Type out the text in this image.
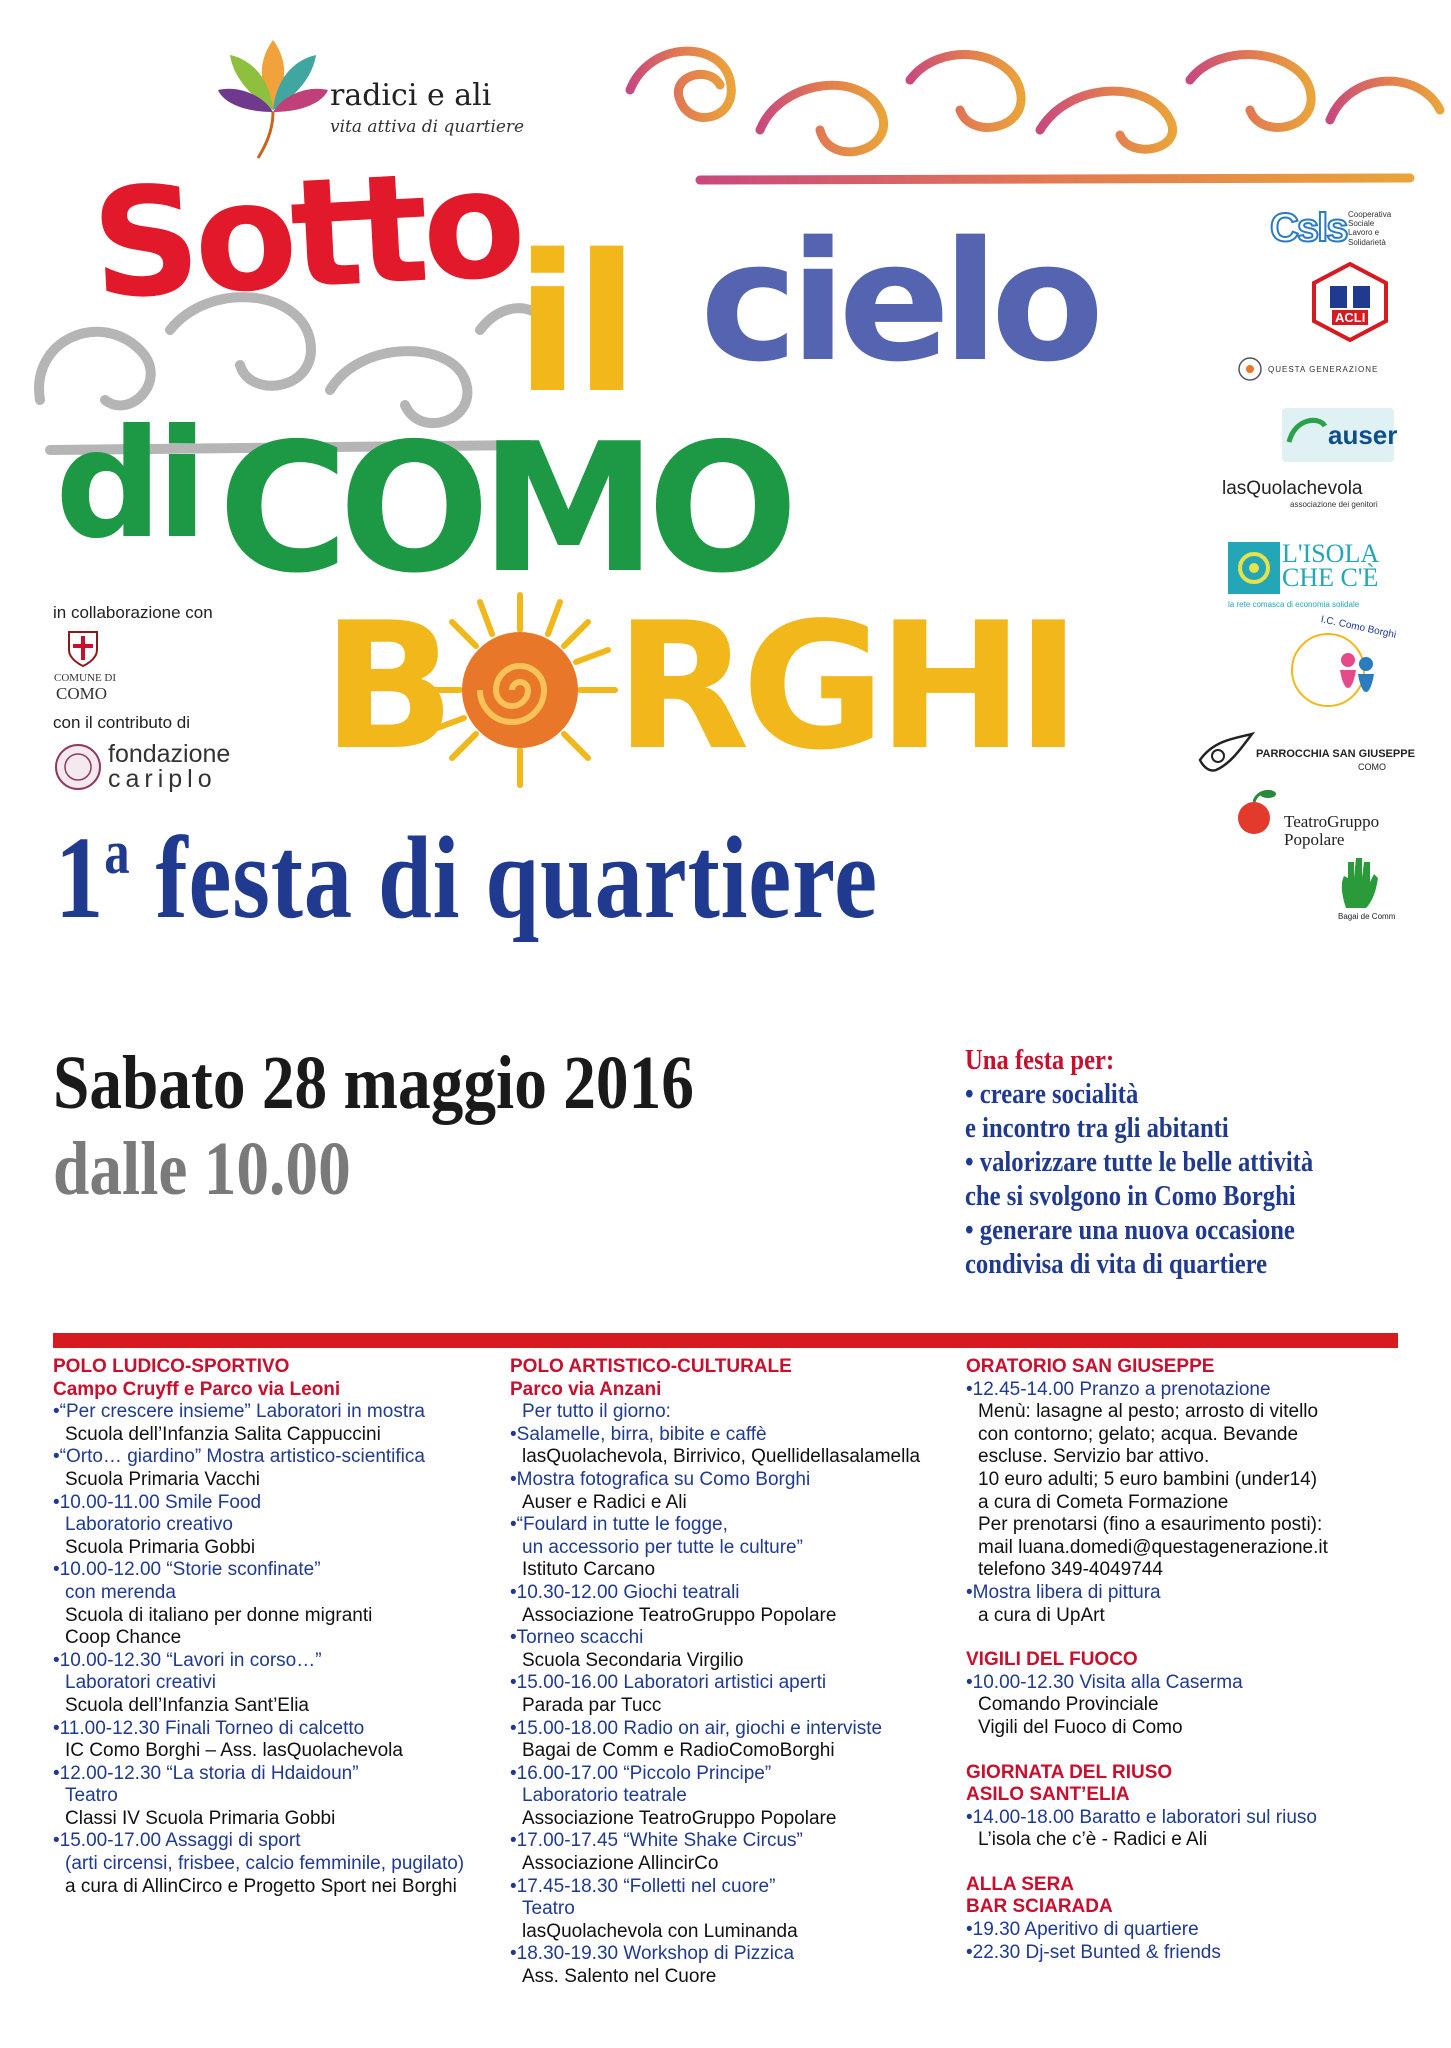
radici e ali
vita attiva di quartiere
Sotto
il cielo
di COMO
B RGHI
1$^a$ festa di quartiere
in collaborazione con
COMUNE DI
COMO
con il contributo di
fondazione
cariplo
Csls Cooperativa Sociale Lavoro e Solidarietà
ACLI
QUESTA GENERAZIONE
auser
lasQuolachevola
associazione dei genitori
L'ISOLA CHE C'È
la rete comasca di economia solidale
I.C. Como Borghi
PARROCCHIA SAN GIUSEPPE
COMO
TeatroGruppo
Popolare
Bagai de Comm
Sabato 28 maggio 2016
dalle 10.00
Una festa per:
• creare socialità
e incontro tra gli abitanti
• valorizzare tutte le belle attività
che si svolgono in Como Borghi
• generare una nuova occasione
condivisa di vita di quartiere
POLO LUDICO-SPORTIVO
Campo Cruyff e Parco via Leoni
•“Per crescere insieme” Laboratori in mostra
Scuola dell’Infanzia Salita Cappuccini
•“Orto… giardino” Mostra artistico-scientifica
Scuola Primaria Vacchi
•10.00-11.00 Smile Food
Laboratorio creativo
Scuola Primaria Gobbi
•10.00-12.00 “Storie sconfinate”
con merenda
Scuola di italiano per donne migranti
Coop Chance
•10.00-12.30 “Lavori in corso…”
Laboratori creativi
Scuola dell’Infanzia Sant’Elia
•11.00-12.30 Finali Torneo di calcetto
IC Como Borghi – Ass. lasQuolachevola
•12.00-12.30 “La storia di Hdaidoun”
Teatro
Classi IV Scuola Primaria Gobbi
•15.00-17.00 Assaggi di sport
(arti circensi, frisbee, calcio femminile, pugilato)
a cura di AllinCirco e Progetto Sport nei Borghi
POLO ARTISTICO-CULTURALE
Parco via Anzani
Per tutto il giorno:
•Salamelle, birra, bibite e caffè
lasQuolachevola, Birrivico, Quellidellasalamella
•Mostra fotografica su Como Borghi
Auser e Radici e Ali
•“Foulard in tutte le fogge,
un accessorio per tutte le culture”
Istituto Carcano
•10.30-12.00 Giochi teatrali
Associazione TeatroGruppo Popolare
•Torneo scacchi
Scuola Secondaria Virgilio
•15.00-16.00 Laboratori artistici aperti
Parada par Tucc
•15.00-18.00 Radio on air, giochi e interviste
Bagai de Comm e RadioComoBorghi
•16.00-17.00 “Piccolo Principe”
Laboratorio teatrale
Associazione TeatroGruppo Popolare
•17.00-17.45 “White Shake Circus”
Associazione AllincirCo
•17.45-18.30 “Folletti nel cuore”
Teatro
lasQuolachevola con Luminanda
•18.30-19.30 Workshop di Pizzica
Ass. Salento nel Cuore
ORATORIO SAN GIUSEPPE
•12.45-14.00 Pranzo a prenotazione
Menù: lasagne al pesto; arrosto di vitello
con contorno; gelato; acqua. Bevande
escluse. Servizio bar attivo.
10 euro adulti; 5 euro bambini (under14)
a cura di Cometa Formazione
Per prenotarsi (fino a esaurimento posti):
mail luana.domedi@questagenerazione.it
telefono 349-4049744
•Mostra libera di pittura
a cura di UpArt
VIGILI DEL FUOCO
•10.00-12.30 Visita alla Caserma
Comando Provinciale
Vigili del Fuoco di Como
GIORNATA DEL RIUSO
ASILO SANT’ELIA
•14.00-18.00 Baratto e laboratori sul riuso
L’isola che c’è - Radici e Ali
ALLA SERA
BAR SCIARADA
•19.30 Aperitivo di quartiere
•22.30 Dj-set Bunted & friends
